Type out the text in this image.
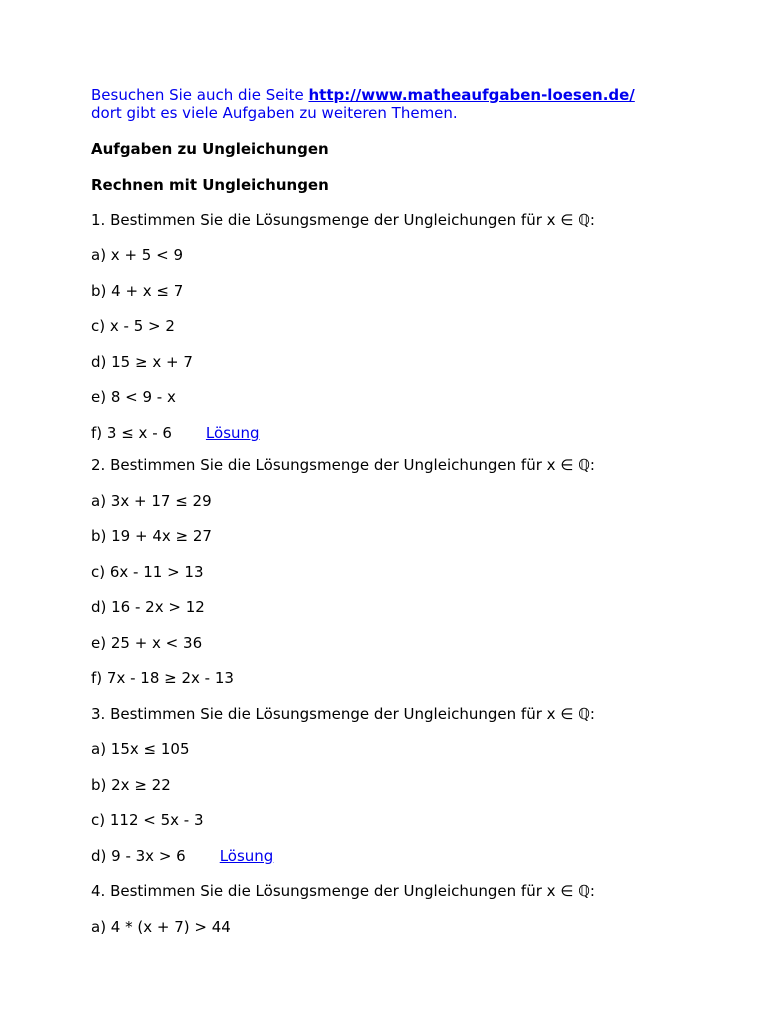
Besuchen Sie auch die Seite http://www.matheaufgaben-loesen.de/
dort gibt es viele Aufgaben zu weiteren Themen.
Aufgaben zu Ungleichungen
Rechnen mit Ungleichungen
1. Bestimmen Sie die Lösungsmenge der Ungleichungen für x ∈ ℚ:
a) x + 5 < 9
b) 4 + x ≤ 7
c) x - 5 > 2
d) 15 ≥ x + 7
e) 8 < 9 - x
f) 3 ≤ x - 6 Lösung
2. Bestimmen Sie die Lösungsmenge der Ungleichungen für x ∈ ℚ:
a) 3x + 17 ≤ 29
b) 19 + 4x ≥ 27
c) 6x - 11 > 13
d) 16 - 2x > 12
e) 25 + x < 36
f) 7x - 18 ≥ 2x - 13
3. Bestimmen Sie die Lösungsmenge der Ungleichungen für x ∈ ℚ:
a) 15x ≤ 105
b) 2x ≥ 22
c) 112 < 5x - 3
d) 9 - 3x > 6 Lösung
4. Bestimmen Sie die Lösungsmenge der Ungleichungen für x ∈ ℚ:
a) 4 * (x + 7) > 44
